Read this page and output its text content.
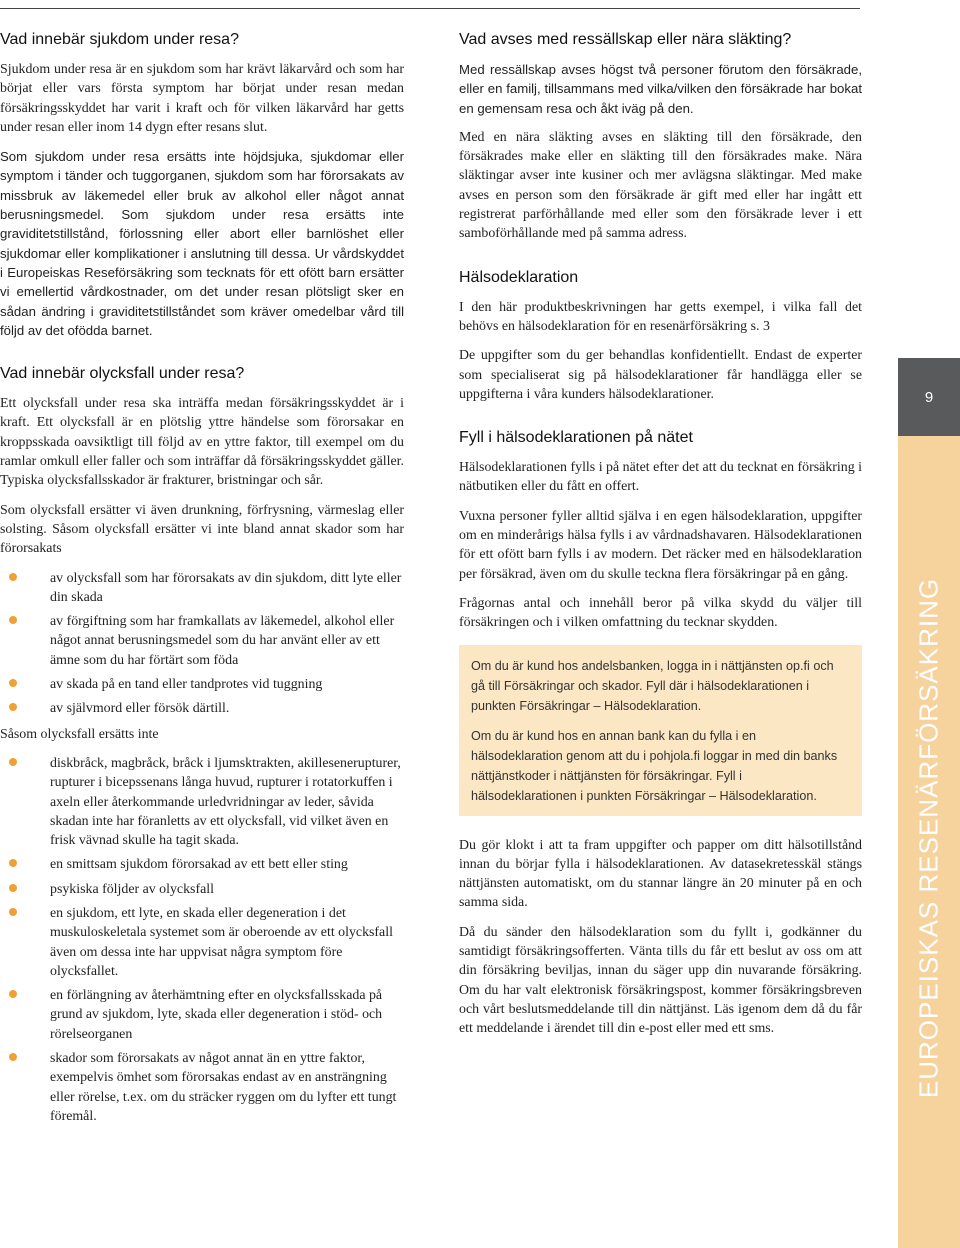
Vad innebär sjukdom under resa?

Sjukdom under resa är en sjukdom som har krävt läkarvård och som har börjat eller vars första symptom har börjat under resan medan försäkringsskyddet har varit i kraft och för vilken läkarvård har getts under resan eller inom 14 dygn efter resans slut.

Som sjukdom under resa ersätts inte höjdsjuka, sjukdomar eller symptom i tänder och tuggorganen, sjukdom som har förorsakats av missbruk av läkemedel eller bruk av alkohol eller något annat berusningsmedel. Som sjukdom under resa ersätts inte graviditetstillstånd, förlossning eller abort eller barnlöshet eller sjukdomar eller komplikationer i anslutning till dessa. Ur vårdskyddet i Europeiskas Reseförsäkring som tecknats för ett ofött barn ersätter vi emellertid vårdkostnader, om det under resan plötsligt sker en sådan ändring i graviditetstillståndet som kräver omedelbar vård till följd av det ofödda barnet.

Vad innebär olycksfall under resa?

Ett olycksfall under resa ska inträffa medan försäkringsskyddet är i kraft. Ett olycksfall är en plötslig yttre händelse som förorsakar en kroppsskada oavsiktligt till följd av en yttre faktor, till exempel om du ramlar omkull eller faller och som inträffar då försäkringsskyddet gäller. Typiska olycksfallsskador är frakturer, bristningar och sår.

Som olycksfall ersätter vi även drunkning, förfrysning, värmeslag eller solsting. Såsom olycksfall ersätter vi inte bland annat skador som har förorsakats

av olycksfall som har förorsakats av din sjukdom, ditt lyte eller din skada
av förgiftning som har framkallats av läkemedel, alkohol eller något annat berusningsmedel som du har använt eller av ett ämne som du har förtärt som föda
av skada på en tand eller tandprotes vid tuggning
av självmord eller försök därtill.

Såsom olycksfall ersätts inte

diskbråck, magbråck, bråck i ljumsktrakten, akillesenerupturer, rupturer i bicepssenans långa huvud, rupturer i rotatorkuffen i axeln eller återkommande urledvridningar av leder, såvida skadan inte har föranletts av ett olycksfall, vid vilket även en frisk vävnad skulle ha tagit skada.
en smittsam sjukdom förorsakad av ett bett eller sting
psykiska följder av olycksfall
en sjukdom, ett lyte, en skada eller degeneration i det muskuloskeletala systemet som är oberoende av ett olycksfall även om dessa inte har uppvisat några symptom före olycksfallet.
en förlängning av återhämtning efter en olycksfallsskada på grund av sjukdom, lyte, skada eller degeneration i stöd- och rörelseorganen
skador som förorsakats av något annat än en yttre faktor, exempelvis ömhet som förorsakas endast av en ansträngning eller rörelse, t.ex. om du sträcker ryggen om du lyfter ett tungt föremål.
Vad avses med ressällskap eller nära släkting?

Med ressällskap avses högst två personer förutom den försäkrade, eller en familj, tillsammans med vilka/vilken den försäkrade har bokat en gemensam resa och åkt iväg på den.

Med en nära släkting avses en släkting till den försäkrade, den försäkrades make eller en släkting till den försäkrades make. Nära släktingar avser inte kusiner och mer avlägsna släktingar. Med make avses en person som den försäkrade är gift med eller har ingått ett registrerat parförhållande med eller som den försäkrade lever i ett samboförhållande med på samma adress.

Hälsodeklaration

I den här produktbeskrivningen har getts exempel, i vilka fall det behövs en hälsodeklaration för en resenärförsäkring s. 3

De uppgifter som du ger behandlas konfidentiellt. Endast de experter som specialiserat sig på hälsodeklarationer får handlägga eller se uppgifterna i våra kunders hälsodeklarationer.

Fyll i hälsodeklarationen på nätet

Hälsodeklarationen fylls i på nätet efter det att du tecknat en försäkring i nätbutiken eller du fått en offert.

Vuxna personer fyller alltid själva i en egen hälsodeklaration, uppgifter om en minderårigs hälsa fylls i av vårdnadshavaren. Hälsodeklarationen för ett ofött barn fylls i av modern. Det räcker med en hälsodeklaration per försäkrad, även om du skulle teckna flera försäkringar på en gång.

Frågornas antal och innehåll beror på vilka skydd du väljer till försäkringen och i vilken omfattning du tecknar skydden.

Om du är kund hos andelsbanken, logga in i nättjänsten op.fi och gå till Försäkringar och skador. Fyll där i hälsodeklarationen i punkten Försäkringar – Hälsodeklaration.

Om du är kund hos en annan bank kan du fylla i en hälsodeklaration genom att du i pohjola.fi loggar in med din banks nättjänstkoder i nättjänsten för försäkringar. Fyll i hälsodeklarationen i punkten Försäkringar – Hälsodeklaration.

Du gör klokt i att ta fram uppgifter och papper om ditt hälsotillstånd innan du börjar fylla i hälsodeklarationen. Av datasekretesskäl stängs nättjänsten automatiskt, om du stannar längre än 20 minuter på en och samma sida.

Då du sänder den hälsodeklaration som du fyllt i, godkänner du samtidigt försäkringsofferten. Vänta tills du får ett beslut av oss om att din försäkring beviljas, innan du säger upp din nuvarande försäkring. Om du har valt elektronisk försäkringspost, kommer försäkringsbreven och vårt beslutsmeddelande till din nättjänst. Läs igenom dem då du får ett meddelande i ärendet till din e-post eller med ett sms.

9
EUROPEISKAS RESENÄRFÖRSÄKRING
